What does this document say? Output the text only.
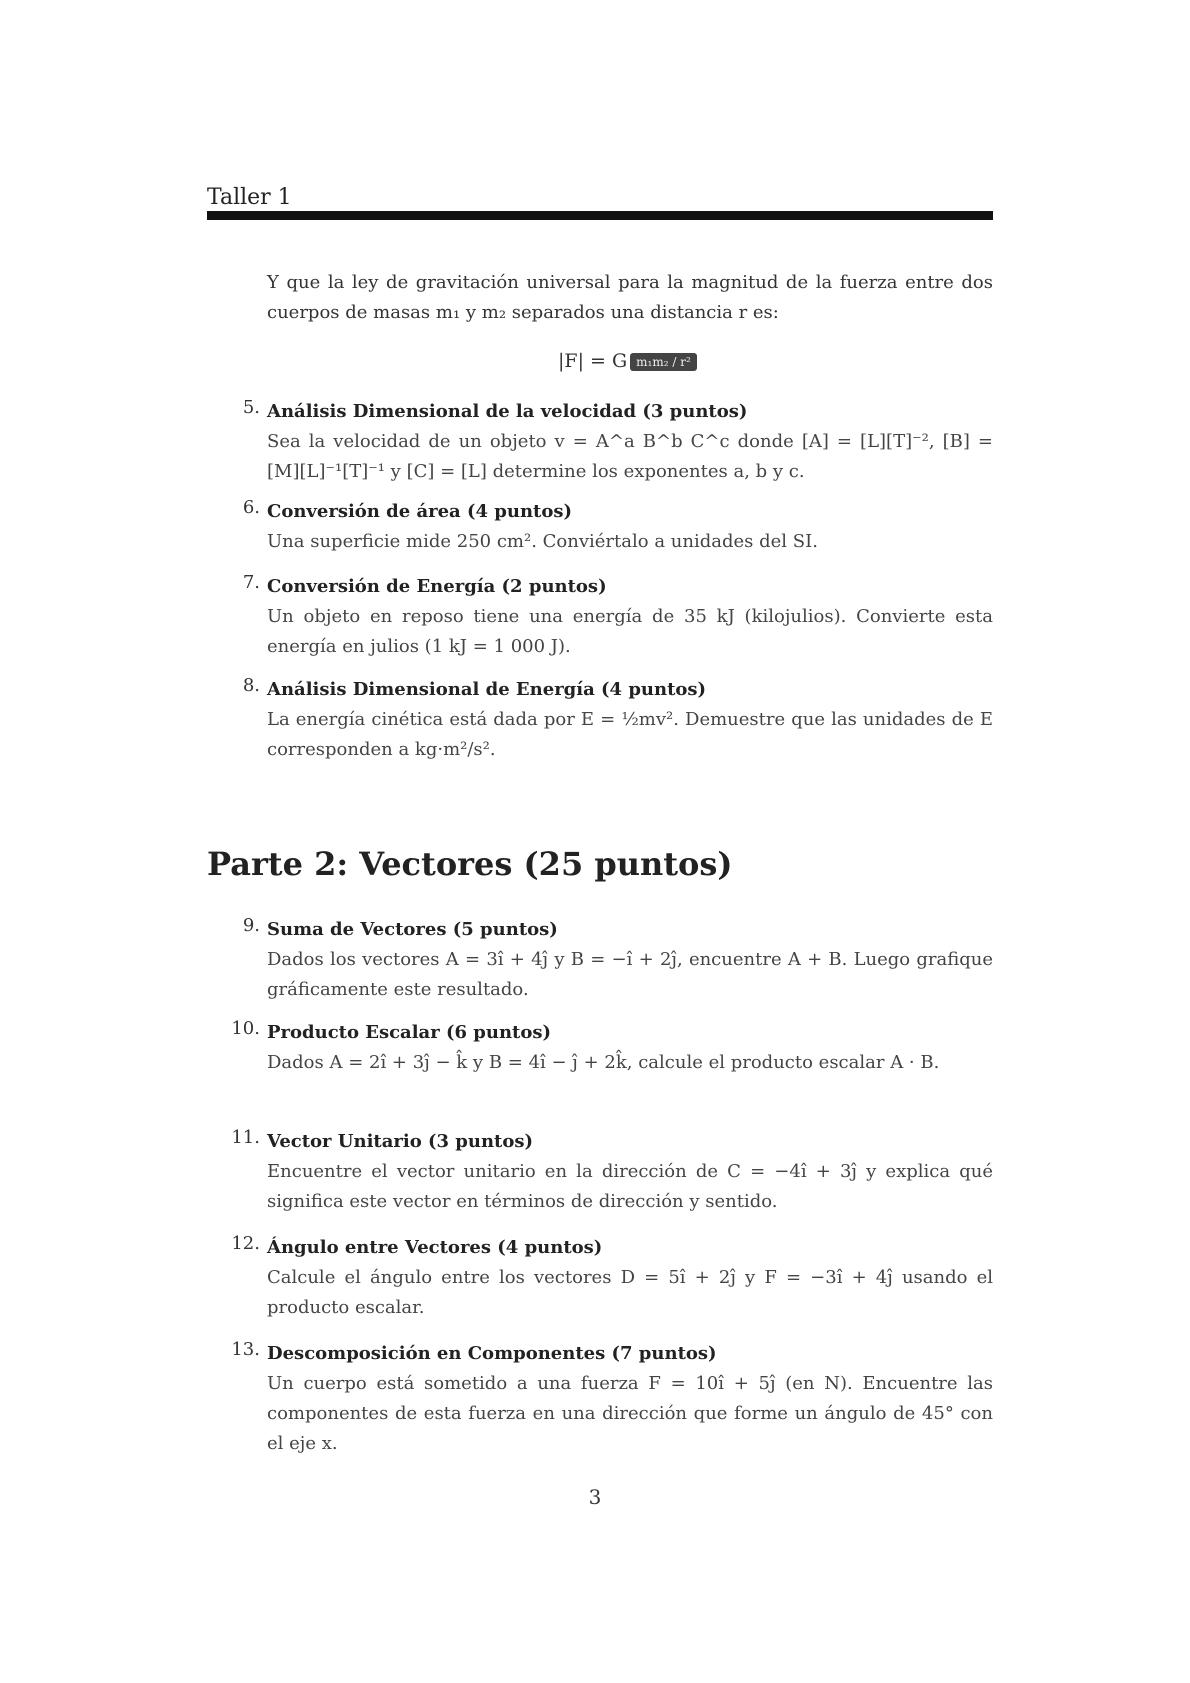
Taller 1
Y que la ley de gravitación universal para la magnitud de la fuerza entre dos cuerpos de masas m₁ y m₂ separados una distancia r es:
|F| = G m₁m₂ / r²
5. Análisis Dimensional de la velocidad (3 puntos)
Sea la velocidad de un objeto v = A^a B^b C^c donde [A] = [L][T]⁻², [B] = [M][L]⁻¹[T]⁻¹ y [C] = [L] determine los exponentes a, b y c.
6. Conversión de área (4 puntos)
Una superficie mide 250 cm². Conviértalo a unidades del SI.
7. Conversión de Energía (2 puntos)
Un objeto en reposo tiene una energía de 35 kJ (kilojulios). Convierte esta energía en julios (1 kJ = 1 000 J).
8. Análisis Dimensional de Energía (4 puntos)
La energía cinética está dada por E = ½mv². Demuestre que las unidades de E corresponden a kg·m²/s².
Parte 2: Vectores (25 puntos)
9. Suma de Vectores (5 puntos)
Dados los vectores A = 3î + 4ĵ y B = −î + 2ĵ, encuentre A + B. Luego grafique gráficamente este resultado.
10. Producto Escalar (6 puntos)
Dados A = 2î + 3ĵ − k̂ y B = 4î − ĵ + 2k̂, calcule el producto escalar A · B.
11. Vector Unitario (3 puntos)
Encuentre el vector unitario en la dirección de C = −4î + 3ĵ y explica qué significa este vector en términos de dirección y sentido.
12. Ángulo entre Vectores (4 puntos)
Calcule el ángulo entre los vectores D = 5î + 2ĵ y F = −3î + 4ĵ usando el producto escalar.
13. Descomposición en Componentes (7 puntos)
Un cuerpo está sometido a una fuerza F = 10î + 5ĵ (en N). Encuentre las componentes de esta fuerza en una dirección que forme un ángulo de 45° con el eje x.
3
